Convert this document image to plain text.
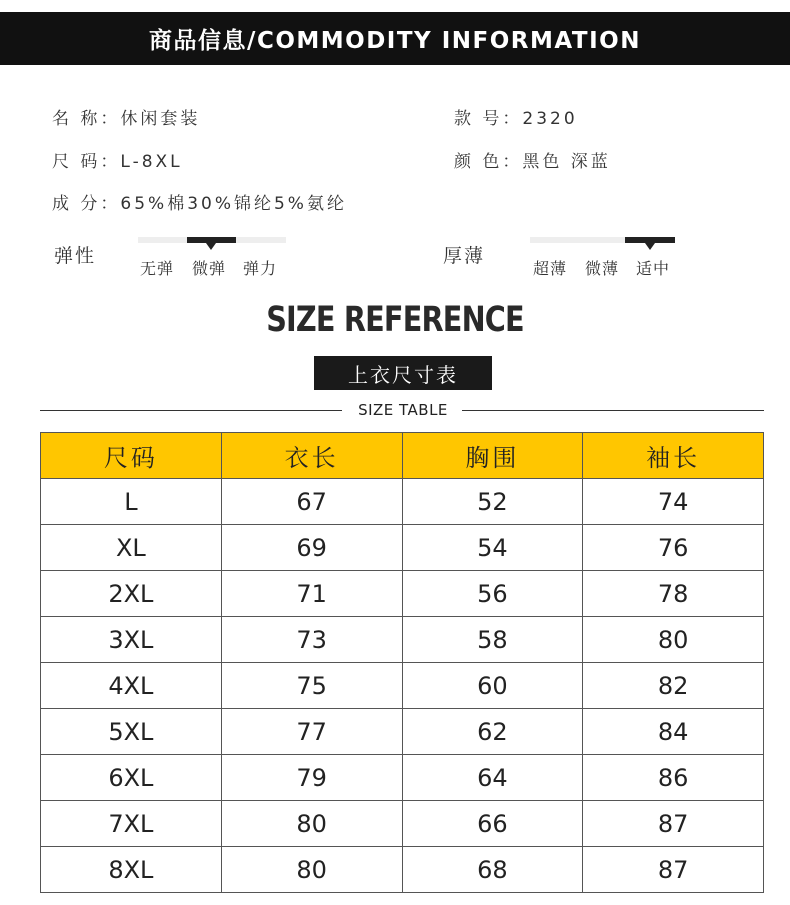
商品信息/COMMODITY INFORMATION
名 称：休闲套装	款 号：2320
尺 码：L-8XL	颜 色：黑色 深蓝
成 分：65%棉30%锦纶5%氨纶
弹性
无弹 微弹 弹力
厚薄
超薄 微薄 适中
SIZE REFERENCE
上衣尺寸表
SIZE TABLE
尺码	衣长	胸围	袖长
L	67	52	74
XL	69	54	76
2XL	71	56	78
3XL	73	58	80
4XL	75	60	82
5XL	77	62	84
6XL	79	64	86
7XL	80	66	87
8XL	80	68	87
